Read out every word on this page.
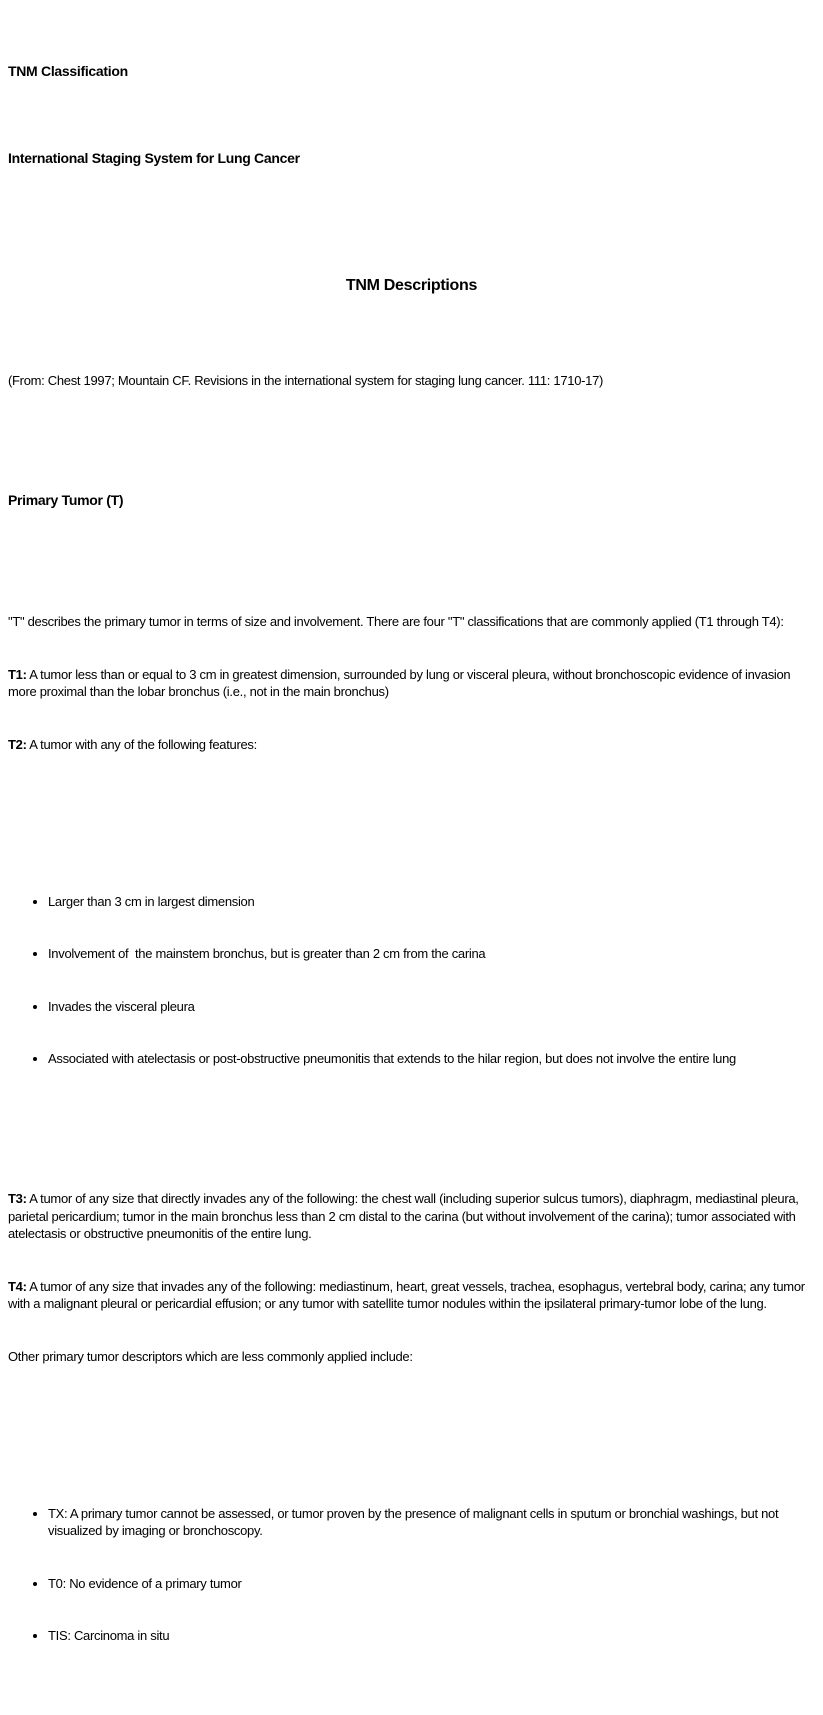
TNM Classification

International Staging System for Lung Cancer

TNM Descriptions

(From: Chest 1997; Mountain CF. Revisions in the international system for staging lung cancer. 111: 1710-17)

Primary Tumor (T)

"T" describes the primary tumor in terms of size and involvement. There are four "T" classifications that are commonly applied (T1 through T4):

T1: A tumor less than or equal to 3 cm in greatest dimension, surrounded by lung or visceral pleura, without bronchoscopic evidence of invasion more proximal than the lobar bronchus (i.e., not in the main bronchus)

T2: A tumor with any of the following features:

• Larger than 3 cm in largest dimension

• Involvement of  the mainstem bronchus, but is greater than 2 cm from the carina

• Invades the visceral pleura

• Associated with atelectasis or post-obstructive pneumonitis that extends to the hilar region, but does not involve the entire lung

T3: A tumor of any size that directly invades any of the following: the chest wall (including superior sulcus tumors), diaphragm, mediastinal pleura, parietal pericardium; tumor in the main bronchus less than 2 cm distal to the carina (but without involvement of the carina); tumor associated with atelectasis or obstructive pneumonitis of the entire lung.

T4: A tumor of any size that invades any of the following: mediastinum, heart, great vessels, trachea, esophagus, vertebral body, carina; any tumor with a malignant pleural or pericardial effusion; or any tumor with satellite tumor nodules within the ipsilateral primary-tumor lobe of the lung.

Other primary tumor descriptors which are less commonly applied include:

• TX: A primary tumor cannot be assessed, or tumor proven by the presence of malignant cells in sputum or bronchial washings, but not visualized by imaging or bronchoscopy.

• T0: No evidence of a primary tumor

• TIS: Carcinoma in situ
